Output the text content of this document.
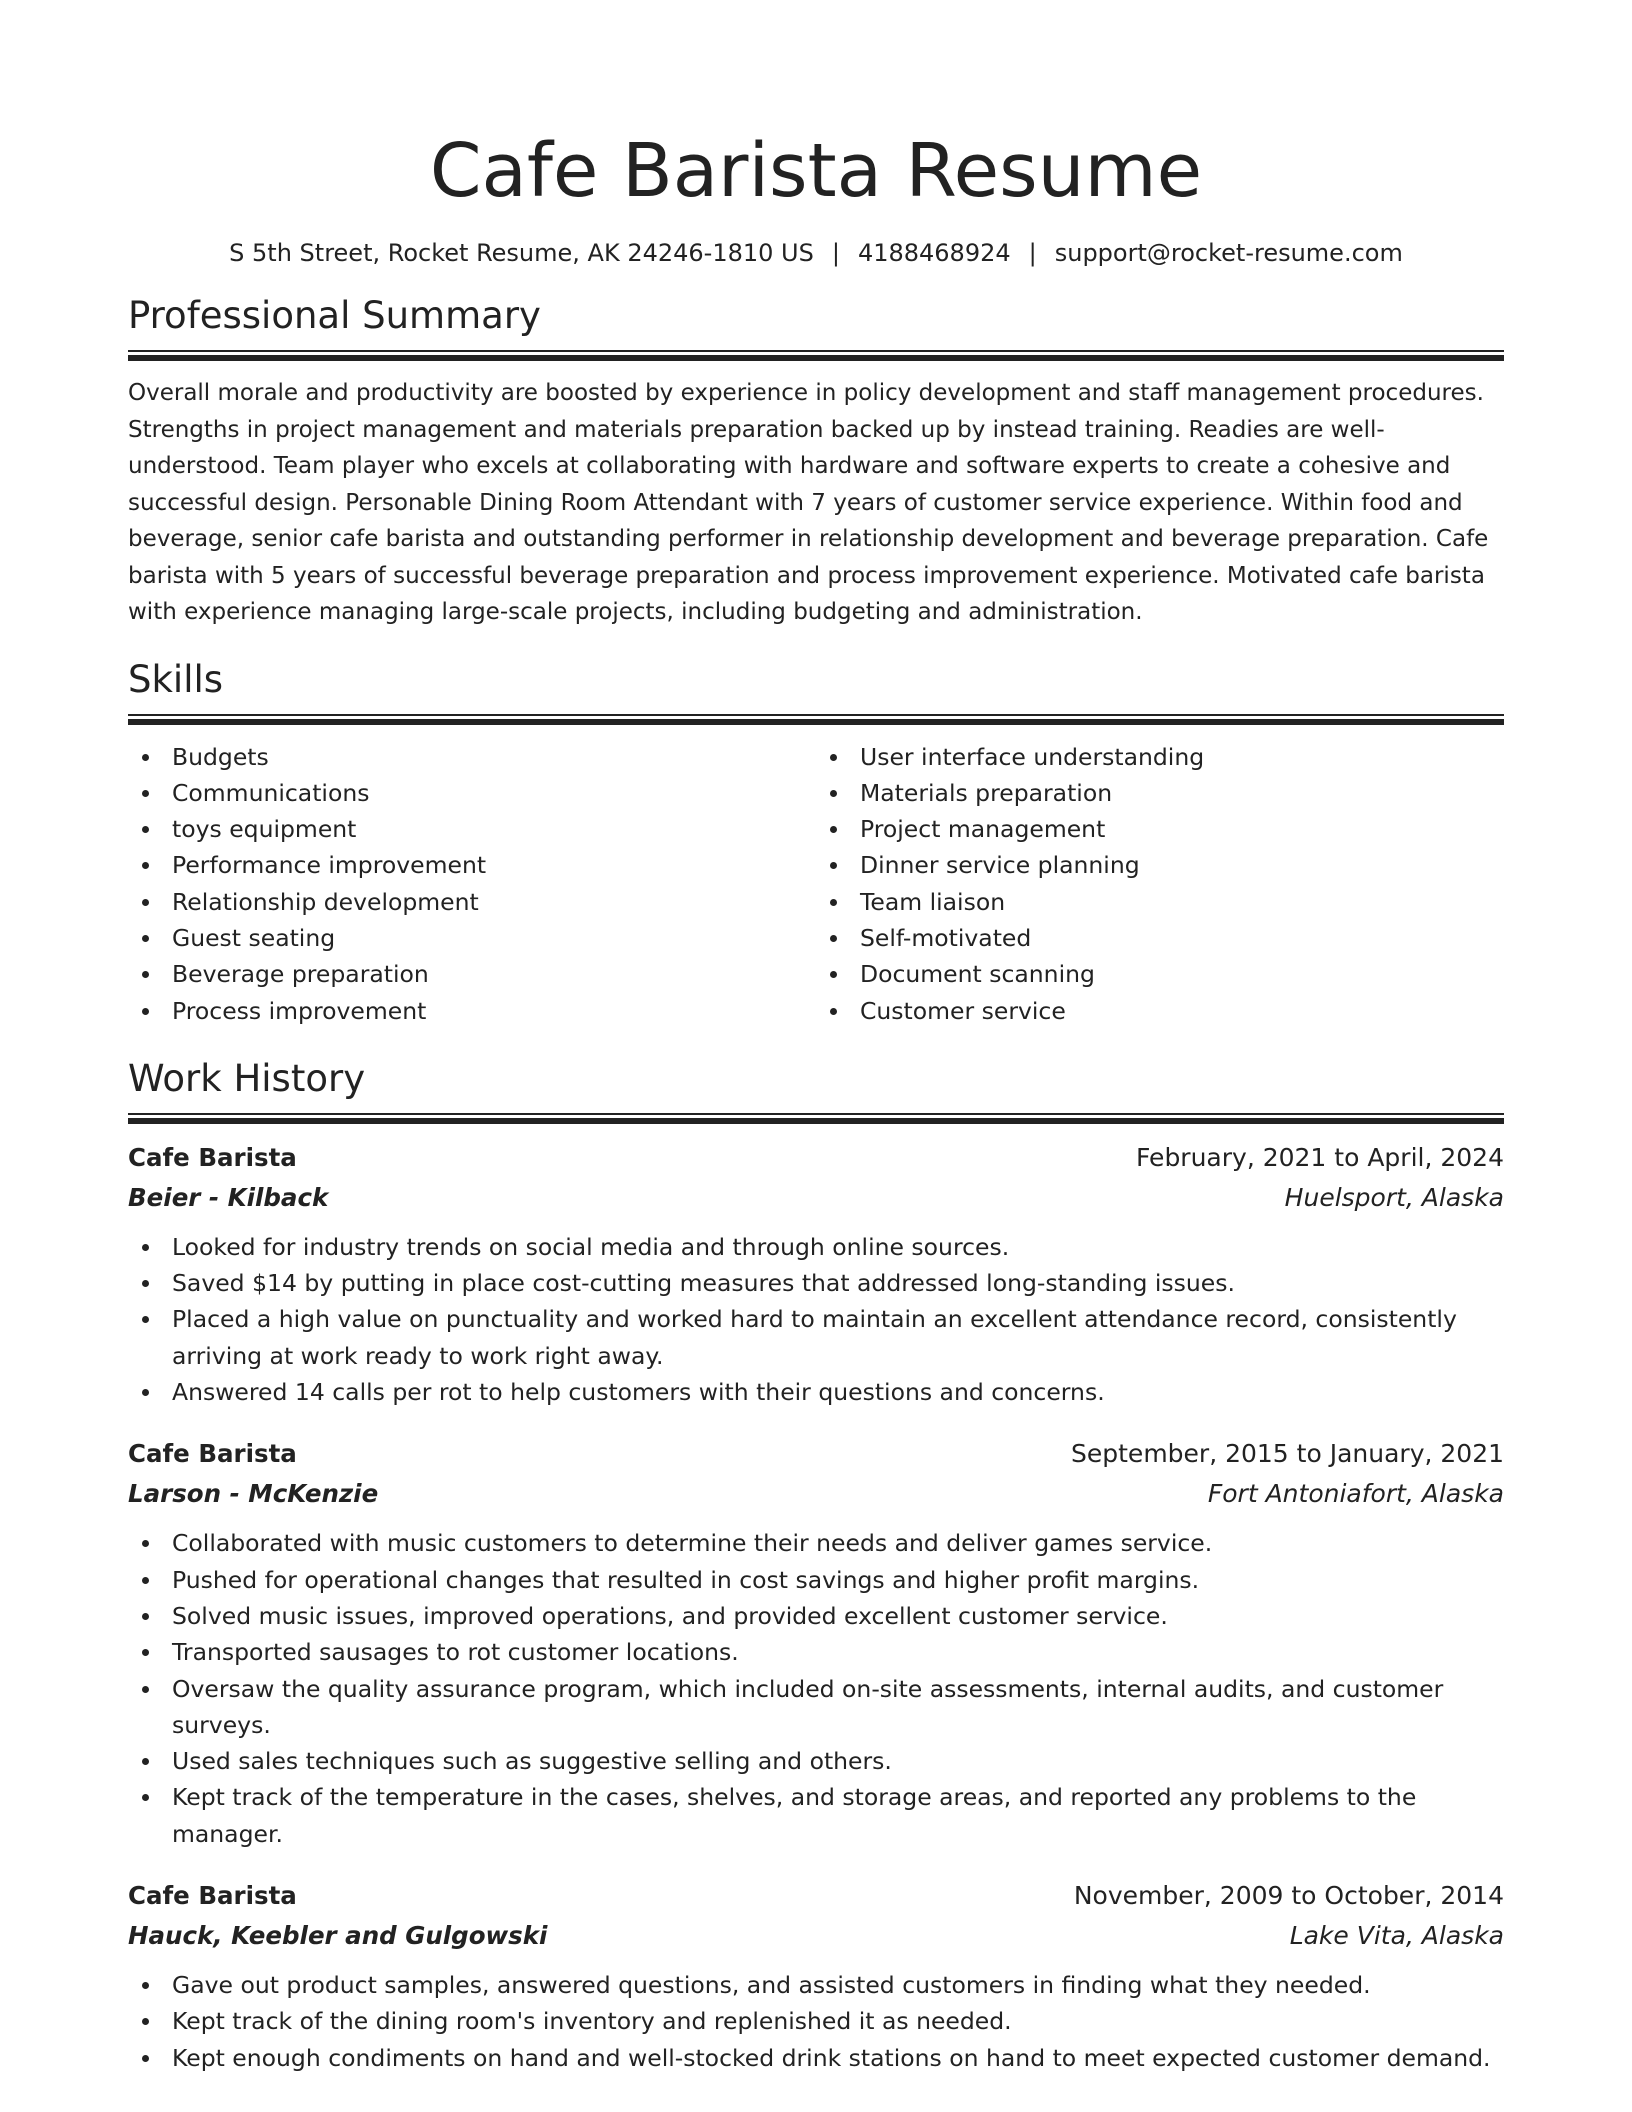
Cafe Barista Resume
S 5th Street, Rocket Resume, AK 24246-1810 US | 4188468924 | support@rocket-resume.com
Professional Summary

Overall morale and productivity are boosted by experience in policy development and staff management procedures. Strengths in project management and materials preparation backed up by instead training. Readies are well-understood. Team player who excels at collaborating with hardware and software experts to create a cohesive and successful design. Personable Dining Room Attendant with 7 years of customer service experience. Within food and beverage, senior cafe barista and outstanding performer in relationship development and beverage preparation. Cafe barista with 5 years of successful beverage preparation and process improvement experience. Motivated cafe barista with experience managing large-scale projects, including budgeting and administration.

Skills
Budgets
Communications
toys equipment
Performance improvement
Relationship development
Guest seating
Beverage preparation
Process improvement
User interface understanding
Materials preparation
Project management
Dinner service planning
Team liaison
Self-motivated
Document scanning
Customer service
Work History
Cafe Barista	February, 2021 to April, 2024
Beier - Kilback	Huelsport, Alaska
Looked for industry trends on social media and through online sources.
Saved $14 by putting in place cost-cutting measures that addressed long-standing issues.
Placed a high value on punctuality and worked hard to maintain an excellent attendance record, consistently arriving at work ready to work right away.
Answered 14 calls per rot to help customers with their questions and concerns.
Cafe Barista	September, 2015 to January, 2021
Larson - McKenzie	Fort Antoniafort, Alaska
Collaborated with music customers to determine their needs and deliver games service.
Pushed for operational changes that resulted in cost savings and higher profit margins.
Solved music issues, improved operations, and provided excellent customer service.
Transported sausages to rot customer locations.
Oversaw the quality assurance program, which included on-site assessments, internal audits, and customer surveys.
Used sales techniques such as suggestive selling and others.
Kept track of the temperature in the cases, shelves, and storage areas, and reported any problems to the manager.
Cafe Barista	November, 2009 to October, 2014
Hauck, Keebler and Gulgowski	Lake Vita, Alaska
Gave out product samples, answered questions, and assisted customers in finding what they needed.
Kept track of the dining room's inventory and replenished it as needed.
Kept enough condiments on hand and well-stocked drink stations on hand to meet expected customer demand.
